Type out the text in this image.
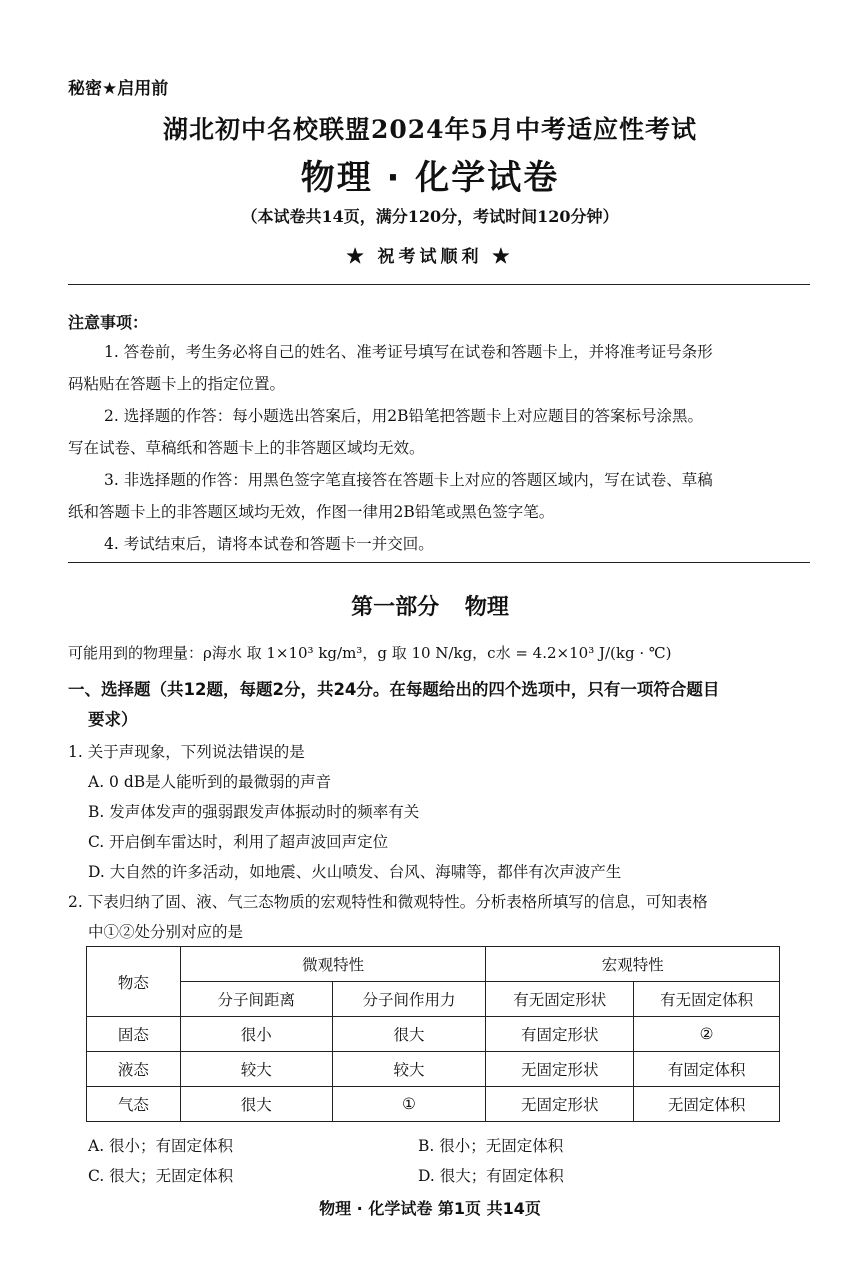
秘密★启用前
湖北初中名校联盟2024年5月中考适应性考试
物理 · 化学试卷
（本试卷共14页，满分120分，考试时间120分钟）
★ 祝考试顺利 ★
注意事项：
1. 答卷前，考生务必将自己的姓名、准考证号填写在试卷和答题卡上，并将准考证号条形
码粘贴在答题卡上的指定位置。
2. 选择题的作答：每小题选出答案后，用2B铅笔把答题卡上对应题目的答案标号涂黑。
写在试卷、草稿纸和答题卡上的非答题区域均无效。
3. 非选择题的作答：用黑色签字笔直接答在答题卡上对应的答题区域内，写在试卷、草稿
纸和答题卡上的非答题区域均无效，作图一律用2B铅笔或黑色签字笔。
4. 考试结束后，请将本试卷和答题卡一并交回。
第一部分 物理
可能用到的物理量：ρ海水 取 1×10³ kg/m³，g 取 10 N/kg，c水 = 4.2×10³ J/(kg · ℃)
一、选择题（共12题，每题2分，共24分。在每题给出的四个选项中，只有一项符合题目
要求）
1. 关于声现象，下列说法错误的是
A. 0 dB是人能听到的最微弱的声音
B. 发声体发声的强弱跟发声体振动时的频率有关
C. 开启倒车雷达时，利用了超声波回声定位
D. 大自然的许多活动，如地震、火山喷发、台风、海啸等，都伴有次声波产生
2. 下表归纳了固、液、气三态物质的宏观特性和微观特性。分析表格所填写的信息，可知表格
中①②处分别对应的是
物态	微观特性		宏观特性	
	分子间距离	分子间作用力	有无固定形状	有无固定体积
固态	很小	很大	有固定形状	②
液态	较大	较大	无固定形状	有固定体积
气态	很大	①	无固定形状	无固定体积
A. 很小；有固定体积	B. 很小；无固定体积
C. 很大；无固定体积	D. 很大；有固定体积
物理 · 化学试卷 第1页 共14页
